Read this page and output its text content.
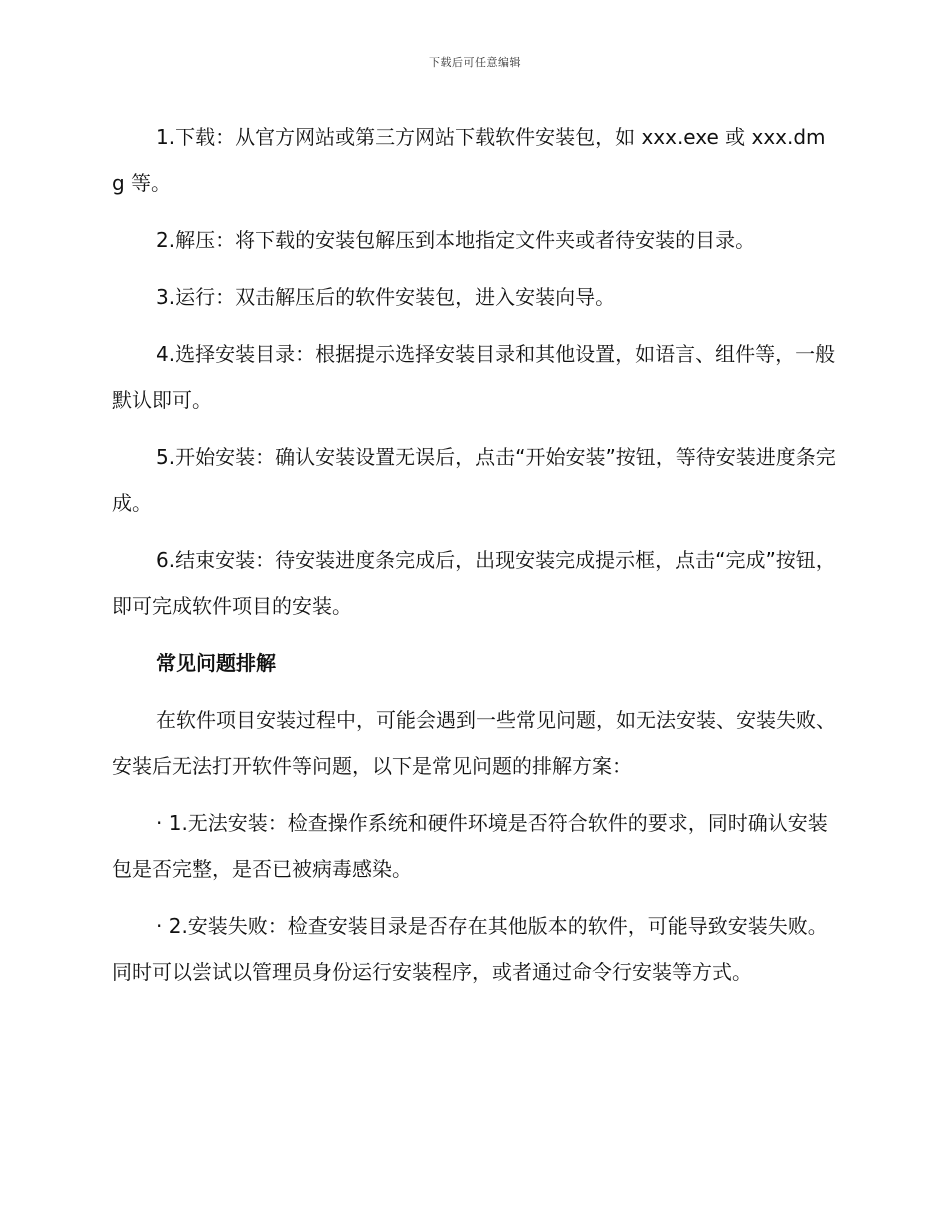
下载后可任意编辑

1.下载：从官方网站或第三方网站下载软件安装包，如 xxx.exe 或 xxx.dmg 等。

2.解压：将下载的安装包解压到本地指定文件夹或者待安装的目录。

3.运行：双击解压后的软件安装包，进入安装向导。

4.选择安装目录：根据提示选择安装目录和其他设置，如语言、组件等，一般默认即可。

5.开始安装：确认安装设置无误后，点击“开始安装”按钮，等待安装进度条完成。

6.结束安装：待安装进度条完成后，出现安装完成提示框，点击“完成”按钮，即可完成软件项目的安装。

常见问题排解

在软件项目安装过程中，可能会遇到一些常见问题，如无法安装、安装失败、安装后无法打开软件等问题，以下是常见问题的排解方案：

· 1.无法安装：检查操作系统和硬件环境是否符合软件的要求，同时确认安装包是否完整，是否已被病毒感染。

· 2.安装失败：检查安装目录是否存在其他版本的软件，可能导致安装失败。同时可以尝试以管理员身份运行安装程序，或者通过命令行安装等方式。
